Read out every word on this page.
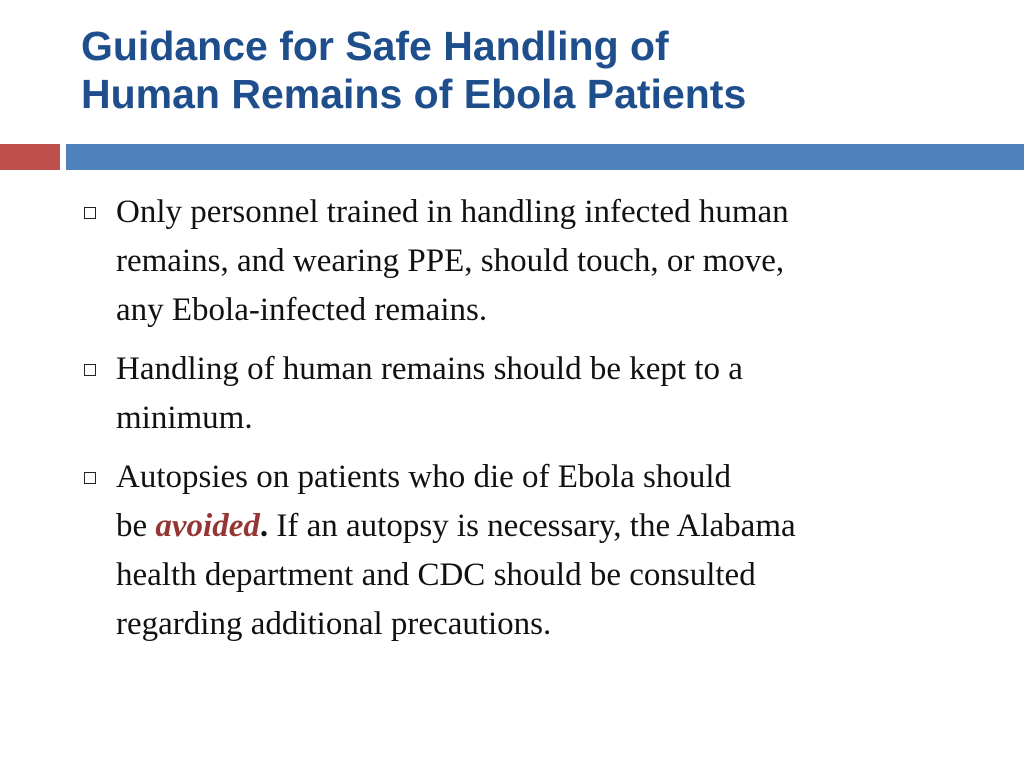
Guidance for Safe Handling of
Human Remains of Ebola Patients
Only personnel trained in handling infected human
remains, and wearing PPE, should touch, or move,
any Ebola-infected remains.
Handling of human remains should be kept to a
minimum.
Autopsies on patients who die of Ebola should
be avoided. If an autopsy is necessary, the Alabama
health department and CDC should be consulted
regarding additional precautions.
